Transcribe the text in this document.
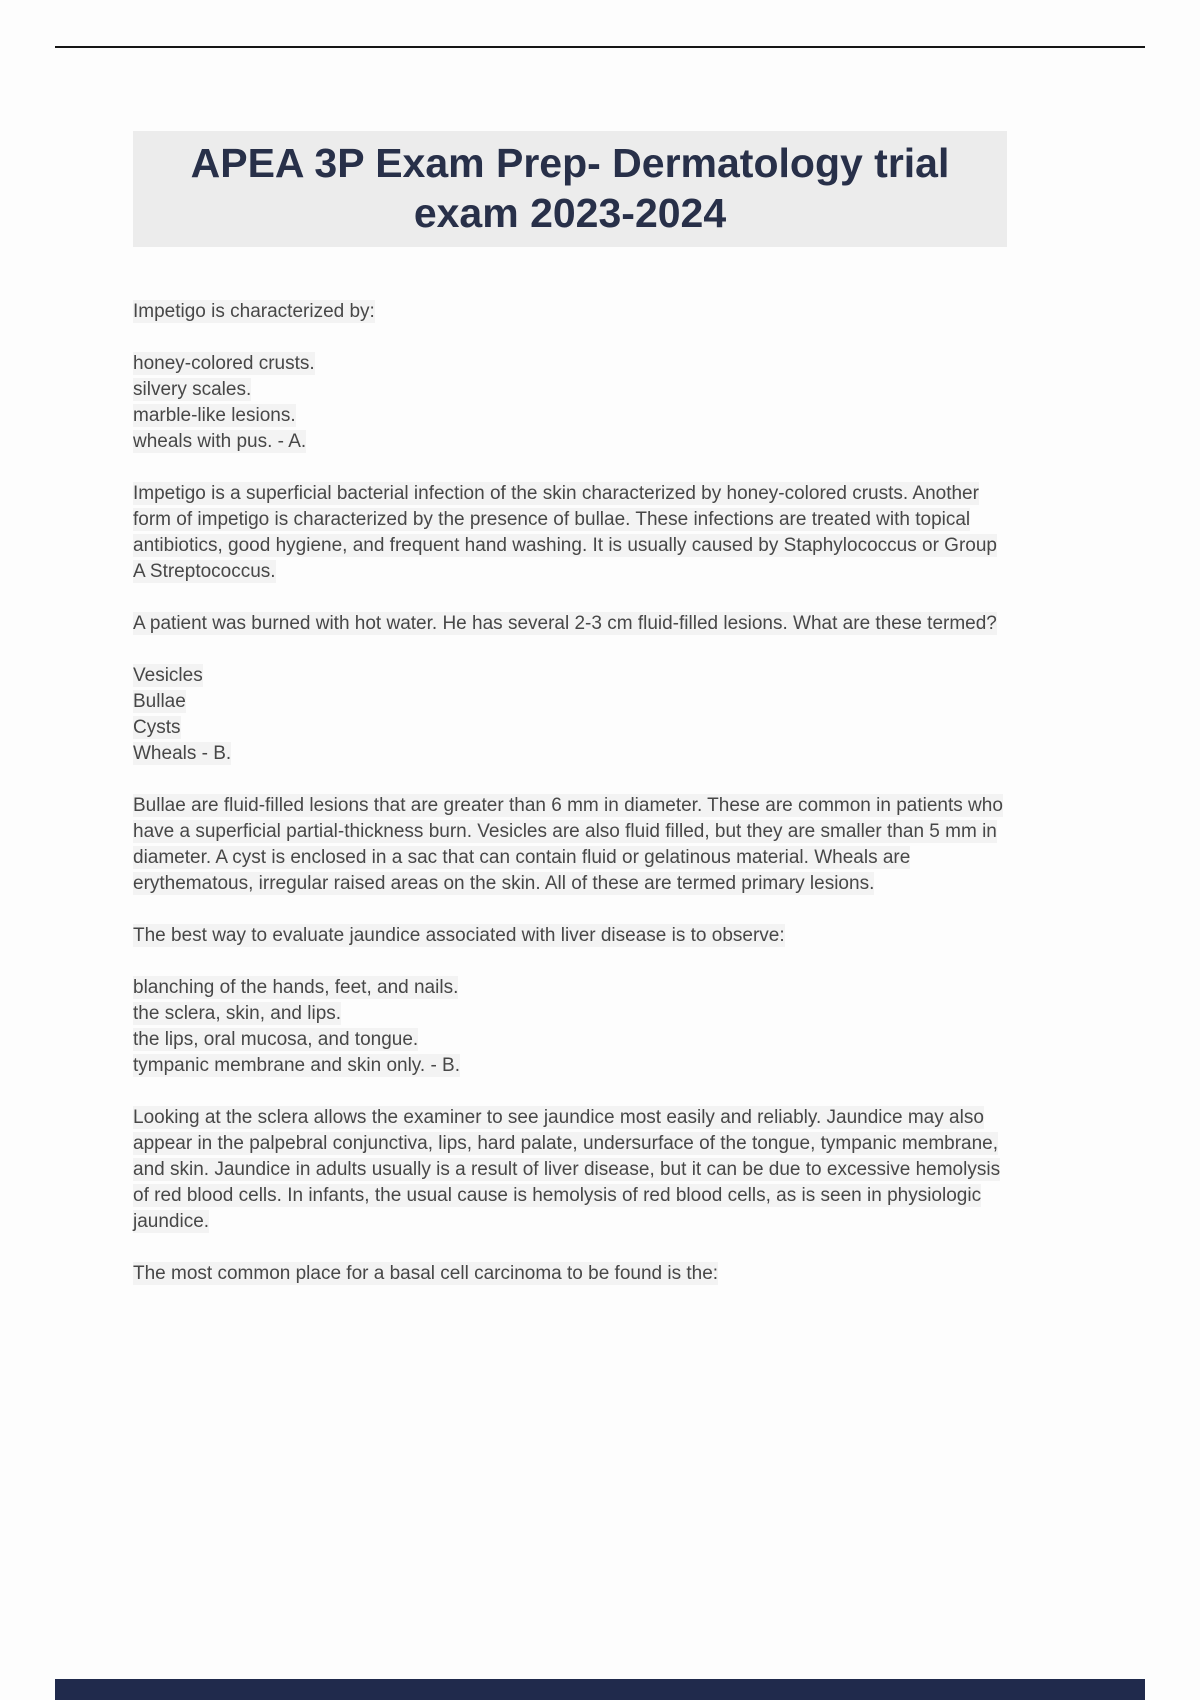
APEA 3P Exam Prep- Dermatology trial
exam 2023-2024

Impetigo is characterized by:

honey-colored crusts.
silvery scales.
marble-like lesions.
wheals with pus. - A.

Impetigo is a superficial bacterial infection of the skin characterized by honey-colored crusts. Another form of impetigo is characterized by the presence of bullae. These infections are treated with topical antibiotics, good hygiene, and frequent hand washing. It is usually caused by Staphylococcus or Group A Streptococcus.

A patient was burned with hot water. He has several 2-3 cm fluid-filled lesions. What are these termed?

Vesicles
Bullae
Cysts
Wheals - B.

Bullae are fluid-filled lesions that are greater than 6 mm in diameter. These are common in patients who have a superficial partial-thickness burn. Vesicles are also fluid filled, but they are smaller than 5 mm in diameter. A cyst is enclosed in a sac that can contain fluid or gelatinous material. Wheals are erythematous, irregular raised areas on the skin. All of these are termed primary lesions.

The best way to evaluate jaundice associated with liver disease is to observe:

blanching of the hands, feet, and nails.
the sclera, skin, and lips.
the lips, oral mucosa, and tongue.
tympanic membrane and skin only. - B.

Looking at the sclera allows the examiner to see jaundice most easily and reliably. Jaundice may also appear in the palpebral conjunctiva, lips, hard palate, undersurface of the tongue, tympanic membrane, and skin. Jaundice in adults usually is a result of liver disease, but it can be due to excessive hemolysis of red blood cells. In infants, the usual cause is hemolysis of red blood cells, as is seen in physiologic jaundice.

The most common place for a basal cell carcinoma to be found is the:
